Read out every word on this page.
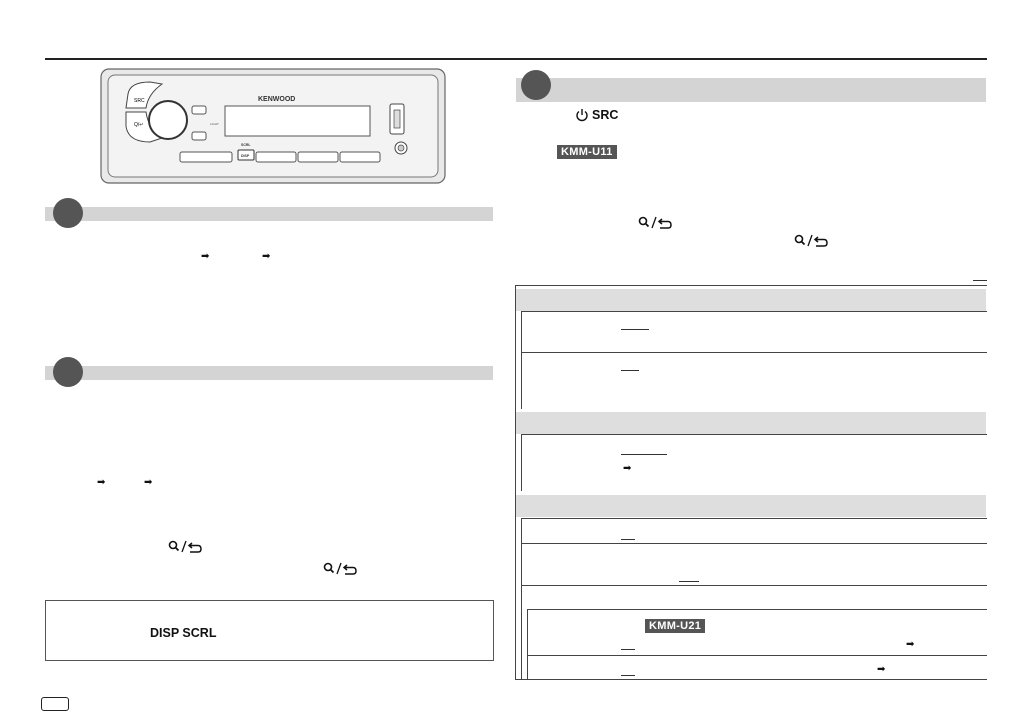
SRC
Q/↵	LIGHT
KENWOOD
SCRL
DISP
➡	➡
➡	➡
DISP SCRL
SRC
KMM-U11
➡
KMM-U21
➡
➡
